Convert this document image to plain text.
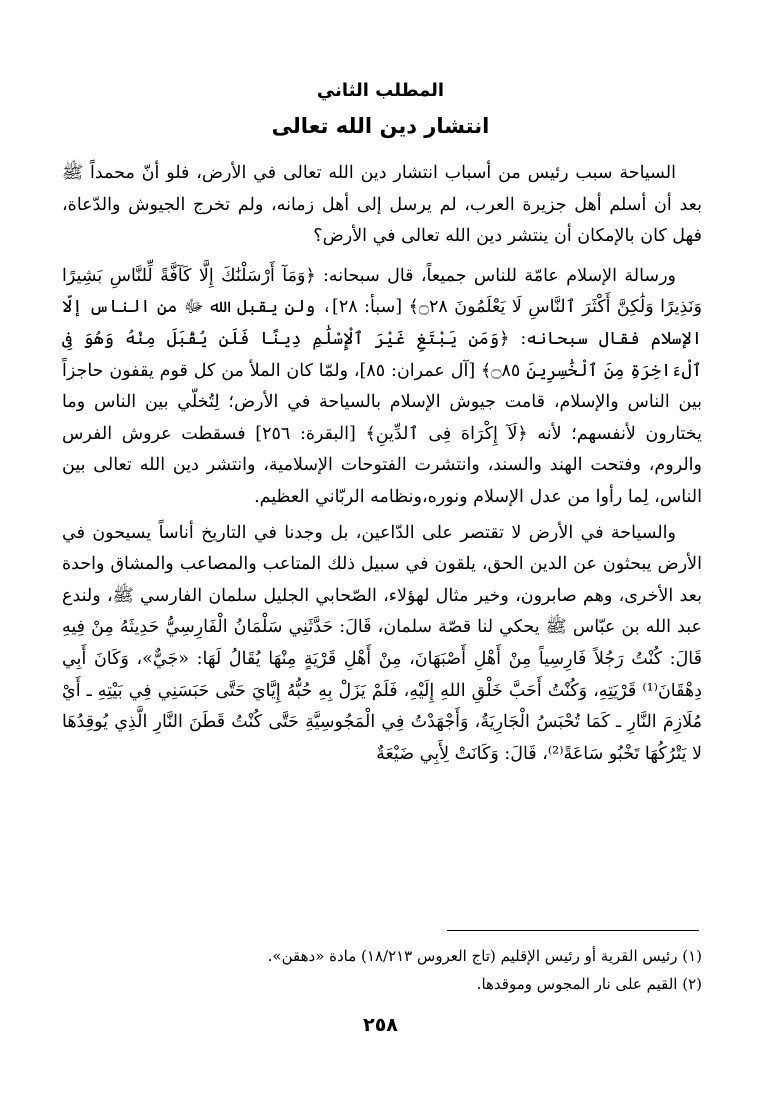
المطلب الثاني
انتشار دين الله تعالى

السياحة سبب رئيس من أسباب انتشار دين الله تعالى في الأرض، فلو أنّ محمداً ﷺ بعد أن أسلم أهل جزيرة العرب، لم يرسل إلى أهل زمانه، ولم تخرج الجيوش والدّعاة، فهل كان بالإمكان أن ينتشر دين الله تعالى في الأرض؟

ورسالة الإسلام عامّة للناس جميعاً، قال سبحانه: ﴿وَمَآ أَرْسَلْنَٰكَ إِلَّا كَآفَّةً لِّلنَّاسِ بَشِيرًا وَنَذِيرًا وَلَٰكِنَّ أَكْثَرَ ٱلنَّاسِ لَا يَعْلَمُونَ ۝٢٨﴾ [سبأ: ٢٨]، ولن يقبل الله ﷻ من الناس إلّا الإسلام فقال سبحانه: ﴿وَمَن يَبْتَغِ غَيْرَ ٱلْإِسْلَٰمِ دِينًا فَلَن يُقْبَلَ مِنْهُ وَهُوَ فِى ٱلْءَاخِرَةِ مِنَ ٱلْخَٰسِرِينَ ۝٨٥﴾ [آل عمران: ٨٥]، ولمّا كان الملأ من كل قوم يقفون حاجزاً بين الناس والإسلام، قامت جيوش الإسلام بالسياحة في الأرض؛ لِتُخلّي بين الناس وما يختارون لأنفسهم؛ لأنه ﴿لَآ إِكْرَاهَ فِى ٱلدِّينِ﴾ [البقرة: ٢٥٦] فسقطت عروش الفرس والروم، وفتحت الهند والسند، وانتشرت الفتوحات الإسلامية، وانتشر دين الله تعالى بين الناس، لِما رأوا من عدل الإسلام ونوره،ونظامه الربّاني العظيم.

والسياحة في الأرض لا تقتصر على الدّاعين، بل وجدنا في التاريخ أناساً يسيحون في الأرض يبحثون عن الدين الحق، يلقون في سبيل ذلك المتاعب والمصاعب والمشاق واحدة بعد الأخرى، وهم صابرون، وخير مثال لهؤلاء، الصّحابي الجليل سلمان الفارسي ﷺ، ولندع عبد الله بن عبّاس ﷺ يحكي لنا قصّة سلمان، قَالَ: حَدَّثَنِي سَلْمَانُ الْفَارِسِيُّ حَدِيثَهُ مِنْ فِيهِ قَالَ: كُنْتُ رَجُلاً فَارِسِياً مِنْ أَهْلِ أَصْبَهَانَ، مِنْ أَهْلِ قَرْيَةٍ مِنْهَا يُقَالُ لَهَا: «جَيٌّ»، وَكَانَ أَبِي دِهْقَانَ⁽¹⁾ قَرْيَتِهِ، وَكُنْتُ أَحَبَّ خَلْقِ اللهِ إِلَيْهِ، فَلَمْ يَزَلْ بِهِ حُبُّهُ إِيَّايَ حَتَّى حَبَسَنِي فِي بَيْتِهِ ـ أَيْ مُلَازِمَ النَّارِ ـ كَمَا تُحْبَسُ الْجَارِيَةُ، وَأَجْهَدْتُ فِي الْمَجُوسِيَّةِ حَتَّى كُنْتُ قَطَنَ النَّارِ الَّذِي يُوقِدُهَا لا يَتْرُكُهَا تَخْبُو سَاعَةً⁽²⁾، قَالَ: وَكَانَتْ لِأَبِي ضَيْعَةٌ

(١) رئيس القرية أو رئيس الإقليم (تاج العروس ١٨/٢١٣) مادة «دهقن».

(٢) القيم على نار المجوس وموقدها.

٢٥٨
